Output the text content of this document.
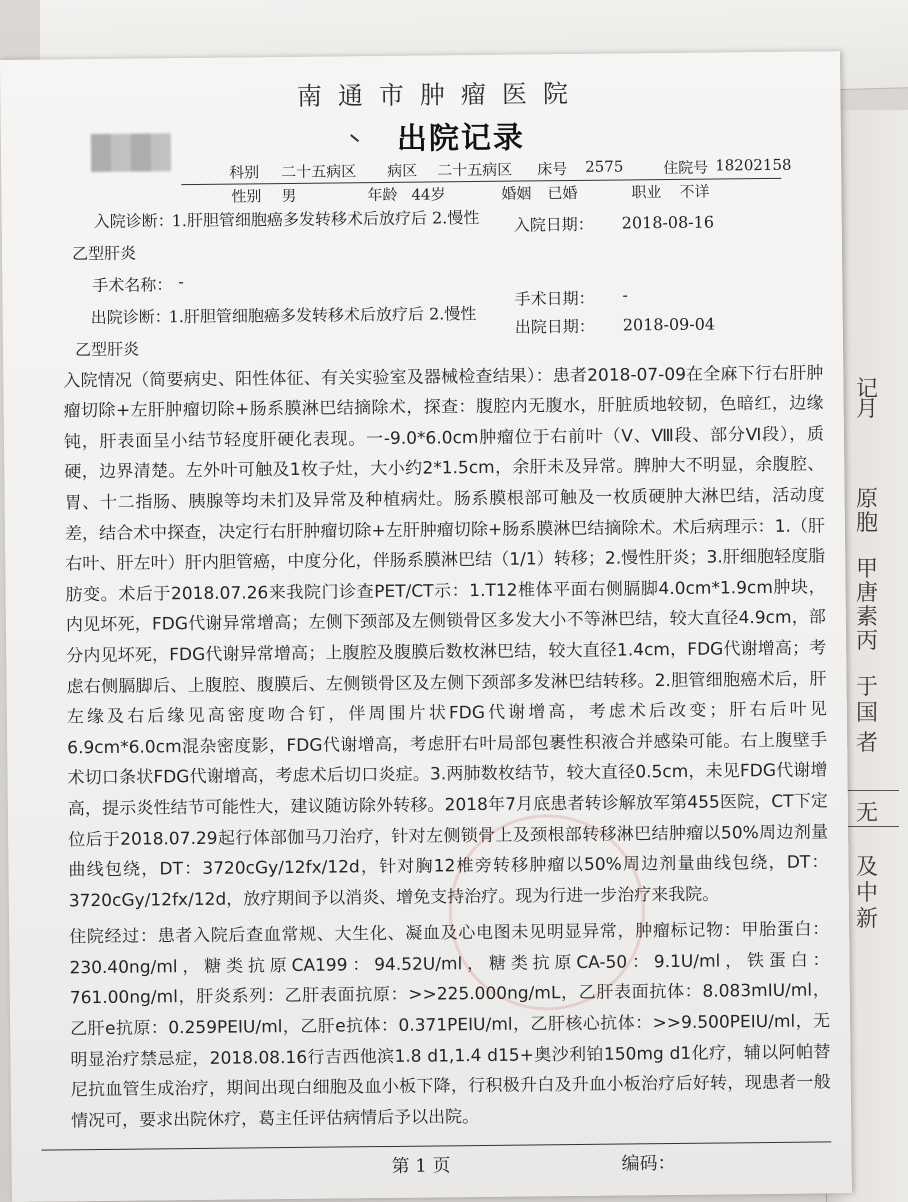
记
月
原
胞
甲
唐
素
丙
于
国
者
无
及
中
新
南通市肿瘤医院
出院记录
科别 二十五病区 病区 二十五病区 床号 2575	住院号 18202158
性别 男	年龄 44岁	婚姻 已婚	职业 不详
入院诊断：
1.肝胆管细胞癌多发转移术后放疗后 2.慢性
乙型肝炎
入院日期： 2018-08-16
手术名称： -
手术日期： -
出院诊断：
1.肝胆管细胞癌多发转移术后放疗后 2.慢性
出院日期： 2018-09-04

乙型肝炎

入院情况（简要病史、阳性体征、有关实验室及器械检查结果）：患者2018-07-09在全麻下行右肝肿瘤切除+左肝肿瘤切除+肠系膜淋巴结摘除术，探查：腹腔内无腹水，肝脏质地较韧，色暗红，边缘钝，肝表面呈小结节轻度肝硬化表现。一-9.0*6.0cm肿瘤位于右前叶（Ⅴ、Ⅷ段、部分Ⅵ段），质硬，边界清楚。左外叶可触及1枚子灶，大小约2*1.5cm，余肝未及异常。脾肿大不明显，余腹腔、胃、十二指肠、胰腺等均未扪及异常及种植病灶。肠系膜根部可触及一枚质硬肿大淋巴结，活动度差，结合术中探查，决定行右肝肿瘤切除+左肝肿瘤切除+肠系膜淋巴结摘除术。术后病理示：1.（肝右叶、肝左叶）肝内胆管癌，中度分化，伴肠系膜淋巴结（1/1）转移；2.慢性肝炎；3.肝细胞轻度脂肪变。术后于2018.07.26来我院门诊查PET/CT示：1.T12椎体平面右侧膈脚4.0cm*1.9cm肿块，内见坏死，FDG代谢异常增高；左侧下颈部及左侧锁骨区多发大小不等淋巴结，较大直径4.9cm，部分内见坏死，FDG代谢异常增高；上腹腔及腹膜后数枚淋巴结，较大直径1.4cm，FDG代谢增高；考虑右侧膈脚后、上腹腔、腹膜后、左侧锁骨区及左侧下颈部多发淋巴结转移。2.胆管细胞癌术后，肝左缘及右后缘见高密度吻合钉，伴周围片状FDG代谢增高，考虑术后改变；肝右后叶见6.9cm*6.0cm混杂密度影，FDG代谢增高，考虑肝右叶局部包裹性积液合并感染可能。右上腹壁手术切口条状FDG代谢增高，考虑术后切口炎症。3.两肺数枚结节，较大直径0.5cm，未见FDG代谢增高，提示炎性结节可能性大，建议随访除外转移。2018年7月底患者转诊解放军第455医院，CT下定位后于2018.07.29起行体部伽马刀治疗，针对左侧锁骨上及颈根部转移淋巴结肿瘤以50%周边剂量曲线包绕，DT：3720cGy/12fx/12d，针对胸12椎旁转移肿瘤以50%周边剂量曲线包绕，DT：3720cGy/12fx/12d，放疗期间予以消炎、增免支持治疗。现为行进一步治疗来我院。

住院经过：患者入院后查血常规、大生化、凝血及心电图未见明显异常，肿瘤标记物：甲胎蛋白：230.40ng/ml，糖类抗原CA199：94.52U/ml，糖类抗原CA-50：9.1U/ml，铁蛋白：761.00ng/ml，肝炎系列：乙肝表面抗原：>>225.000ng/mL，乙肝表面抗体：8.083mIU/ml，乙肝e抗原：0.259PEIU/ml，乙肝e抗体：0.371PEIU/ml，乙肝核心抗体：>>9.500PEIU/ml，无明显治疗禁忌症，2018.08.16行吉西他滨1.8 d1,1.4 d15+奥沙利铂150mg d1化疗，辅以阿帕替尼抗血管生成治疗，期间出现白细胞及血小板下降，行积极升白及升血小板治疗后好转，现患者一般情况可，要求出院休疗，葛主任评估病情后予以出院。

第 1 页	编码：
